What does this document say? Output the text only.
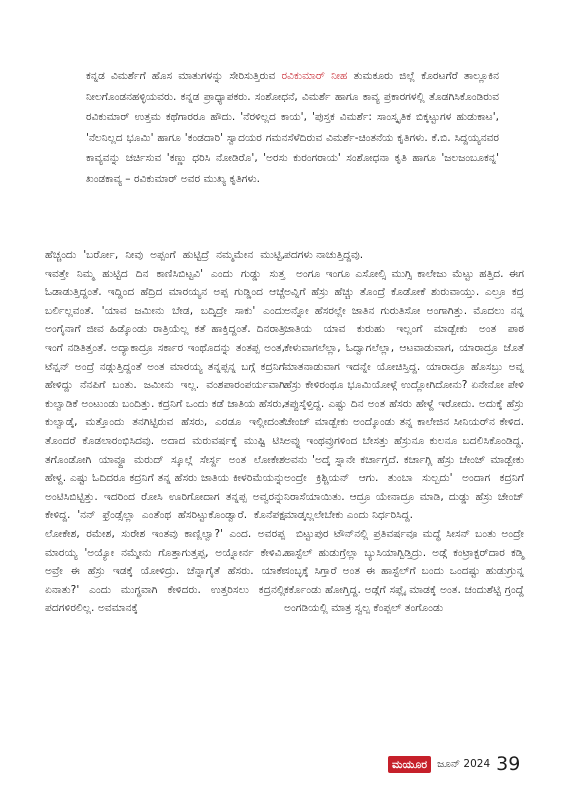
ಕನ್ನಡ ವಿಮರ್ಶೆಗೆ ಹೊಸ ಮಾತುಗಳನ್ನು ಸೇರಿಸುತ್ತಿರುವ ರವಿಕುಮಾರ್ ನೀಹ ತುಮಕೂರು ಜಿಲ್ಲೆ ಕೊರಟಗೆರೆ ತಾಲ್ಲೂಕಿನ ನೀಲಗೊಂಡನಹಳ್ಳಿಯವರು. ಕನ್ನಡ ಪ್ರಾಧ್ಯಾಪಕರು. ಸಂಶೋಧನೆ, ವಿಮರ್ಶೆ ಹಾಗೂ ಕಾವ್ಯ ಪ್ರಕಾರಗಳಲ್ಲಿ ತೊಡಗಿಸಿಕೊಂಡಿರುವ ರವಿಕುಮಾರ್ ಉತ್ತಮ ಕಥೆಗಾರರೂ ಹೌದು. 'ನೆರಳಿಲ್ಲದ ಕಾಯ', 'ಪುಸ್ತಕ ವಿಮರ್ಶೆ: ಸಾಂಸ್ಕೃತಿಕ ಬಿಕ್ಕಟ್ಟುಗಳ ಹುಡುಕಾಟ', 'ನೆಲನಿಲ್ಲದ ಭೂಮಿ' ಹಾಗೂ 'ಕಂಡದಾರಿ' ಸ್ವಾದಯರ ಗಮನಸೆಳೆದಿರುವ ವಿಮರ್ಶೆ-ಚಿಂತನೆಯ ಕೃತಿಗಳು. ಕೆ.ಬಿ. ಸಿದ್ದಯ್ಯನವರ ಕಾವ್ಯವನ್ನು ಚರ್ಚಿಸುವ 'ಕಣ್ಣು ಧರಿಸಿ ನೋಡಿರೊ', 'ಅರಸು ಕುರಂಗರಾಯ' ಸಂಶೋಧನಾ ಕೃತಿ ಹಾಗೂ 'ಜಲಜಂಬೂಕನ್ನ' ಖಂಡಕಾವ್ಯ – ರವಿಕುಮಾರ್ ಅವರ ಮುಖ್ಯ ಕೃತಿಗಳು.

ಹೆಚ್ಚಂದು 'ಬರ್ರೋ, ನೀವು ಅಪ್ಪಂಗೆ ಹುಟ್ಟಿದ್ರೆ ನಮ್ಮಮೇನ ಮುಟ್ಟಿ, ಇವತ್ತೇ ನಿಮ್ಮ ಹುಟ್ಟಿದ ದಿನ ಕಾಣಿಸಿಬಿಟ್ಟವಿ' ಎಂದು ಗುಡ್ಡು ಸುತ್ತ ಓಡಾಡುತ್ತಿದ್ದಂತೆ. ಇದ್ದಿಂದ ಹೆದ್ರಿದ ಮಾರಯ್ಯನ ಅಪ್ಪ ಗುಡ್ಡಿಂದ ಆಚ್ಚೆ ಬರ್ಲಿಲ್ಲವಂತೆ. 'ಯಾವ ಜಮೀನು ಬೇಡ, ಬದ್ಕಿದ್ರೇ ಸಾಕು' ಎಂದು ಅಂಗೈನಾಗೆ ಜೀವ ಹಿಡ್ಕೊಂಡು ರಾತ್ರಿಯೆಲ್ಲ ಕತೆ ಹಾಕ್ತಿದ್ದಂತೆ. ದಿನರಾತ್ರಿ ಇಂಗೆ ನಡಿತಿತ್ತಂತೆ. ಅದ್ಯಾಕಾದ್ರೂ ಸರ್ಕಾರ ಇಂಥೊದನ್ನು ತಂತಪ್ಪ ಅಂತ, ಟೆನ್ಷನ್ ಅಂದ್ರೆ ನಡ್ಗುತ್ತಿದ್ದಂತೆ ಅಂತ ಮಾರಯ್ಯ ತನ್ನಪ್ಪನ್ನ ಬಗ್ಗೆ ಕದ್ರನಿಗೆ ಹೇಳಿದ್ದು ನೆನಪಿಗೆ ಬಂತು. ಜಮೀನು ಇಲ್ಲ. ವಂಶಪಾರಂಪರ್ಯವಾಗಿ ಕುಲ್ವಾಡಿಕೆ ಅಂಟುಂಡು ಬಂದಿತ್ತು. ಕದ್ರನಿಗೆ ಒಂದು ಕಡೆ ಜಾತಿಯ ಹೆಸರು, ಕುಲ್ವಾಡ್ಕೆ, ಮತ್ತೊಂದು ತನಗಿಟ್ಟಿರುವ ಹೆಸರು, ಎರಡೂ ಇಲ್ಲೀದಂತೆ ತೊಂದರೆ ಕೊಡಲಾರಂಭಿಸಿದವು. ಅದಾದ ಮರುವರ್ಷಕ್ಕೆ ಮುಷ್ಟಿ ಟಿಸಿ ತಗೊಂಡೋಗಿ ಯಾವ್ದೂ ಮರುದ್ ಸ್ಕೂಲ್ಗೆ ಸೇರ್ಸ್ದ ಅಂತ ಲೋಕೇಶ ಹೇಳ್ದ. ಎಷ್ಟು ಓದಿದರೂ ಕದ್ರನಿಗೆ ತನ್ನ ಹೆಸರು ಜಾತಿಯ ಕೀಳರಿಮೆಯನ್ನು ಅಂಟಿಸಿಬಿಟ್ಟಿತ್ತು. ಇದರಿಂದ ರೋಸಿ ಊರಿಗೋದಾಗ ತನ್ನಪ್ಪ ಅವ್ವರನ್ನು ಕೇಳಿದ್ದ. 'ನನ್ ಫ್ರೆಂಡ್ಸೆಲ್ಲಾ ಎಂತೆಂಥ ಹೆಸರಿಟ್ಟುಕೊಂಡ್ವಾರೆ. ಕೊನೆಪಕ್ಷ ಲೋಕೇಶ, ರಮೇಶ, ಸುರೇಶ ಇಂತವು ಕಾಣ್ಲಿಲ್ವಾ?' ಎಂದ. ಅವರಪ್ಪ ಮಾರಯ್ಯ 'ಅಯ್ಯೋ ನಮ್ಮೇನು ಗೊತ್ತಾಗುತ್ತಪ್ಪ, ಅಯ್ನೋರ್ನ ಕೇಳಿವಿ. ಅವ್ರೇ ಈ ಹೆಸ್ರು ಇಡಕ್ಕೆ ಯೋಳಿದ್ರು. ಚೆನ್ನಾಗೈತೆ ಹೆಸರು. ಯಾಕೇ ಏನಾತು?' ಎಂದು ಮುಗ್ಧವಾಗಿ ಕೇಳಿದರು. ಉತ್ತರಿಸಲು ಕದ್ರನಲ್ಲಿ ಪದಗಳಿರಲಿಲ್ಲ. ಅವಮಾನಕ್ಕೆ

ಪದಗಳು ನಾಚುತ್ತಿದ್ದವು.

ಅಂಗೂ ಇಂಗೂ ಎಸೋಲ್ಸಿ ಮುಗ್ಸಿ ಕಾಲೇಜು ಮೆಟ್ಟು ಹತ್ತಿದ. ಈಗ ಅವ್ನಿಗೆ ಹೆಸ್ರು ಹೆಚ್ಚು ತೊಂದ್ರೆ ಕೊಡೋಕೆ ಶುರುವಾಯ್ತು. ಎಲ್ರೂ ಕದ್ರ ಅನ್ನೋ ಹೆಸರಲ್ಲೇ ಜಾತಿನ ಗುರುತಿಸೋ ಅಂಗಾಗಿತ್ತು. ಮೊದಲು ನನ್ನ ಜಾತಿಯ ಯಾವ ಕುರುಹು ಇಲ್ಲಂಗೆ ಮಾಡ್ಬೇಕು ಅಂತ ಪಾಠ ಕೇಳುವಾಗಲೆಲ್ಲಾ, ಓದ್ವಾಗಲೆಲ್ಲಾ, ಆಟವಾಡುವಾಗ, ಯಾರಾದ್ರೂ ಜೊತೆ ಮಾತನಾಡುವಾಗ ಇದನ್ನೇ ಯೋಚಿಸ್ತಿದ್ದ. ಯಾರಾದ್ರೂ ಹೊಸಬ್ರು ಅವ್ನ ಹೆಸ್ರು ಕೇಳಿರಂಥೂ ಭೂಮಿಯೋಳ್ಗೆ ಉದ್ಲೋಗಿದೋನು? ಏನೇನೋ ಪೇಳಿ ತಪ್ಪುಸ್ಕೆಳ್ತಿದ್ದ. ಎಷ್ಟು ದಿನ ಅಂತ ಹೆಸರು ಹೇಳ್ದೆ ಇರೋದು. ಅದುಕ್ಕೆ ಹೆಸ್ರು ಚೇಂಜ್ ಮಾಡ್ಬೇಕು ಅಂದ್ಕೊಂಡು ತನ್ನ ಕಾಲೇಜಿನ ಸೀನಿಯರ್‌ನ ಕೇಳಿದ. ಅವ್ನು ಇಂಥವ್ರುಗಳಿಂದ ಬೇಸತ್ತು ಹೆಸ್ರುನೂ ಕುಲನೂ ಬದಲಿಸಿಕೊಂಡಿದ್ದ. ಅವನು 'ಅದ್ಕೆ ಸ್ನಾನೇ ಕರ್ಚಾಗ್ತದೆ. ಕರ್ಚಾಗ್ಲಿ ಹೆಸ್ರು ಚೇಂಜ್ ಮಾಡ್ಬೇಕು ಅಂದ್ರೇ ಕ್ರಿಶ್ಚಿಯನ್ ಆಗು. ತುಂಬಾ ಸುಲ್ಬದು' ಅಂದಾಗ ಕದ್ರನಿಗೆ ನಿರಾಸೆಯಾಯಿತು. ಆದ್ರೂ ಯೇನಾದ್ರೂ ಮಾಡಿ, ದುಡ್ಡು ಹೆಸ್ರು ಚೇಂಜ್ ಮಾಡ್ಕಲ್ಲಲೇಬೇಕು ಎಂದು ನಿರ್ಧರಿಸಿದ್ದ.

ಬಿಟ್ಟುಪುರ ಟೌನ್‌ನಲ್ಲಿ ಪ್ರತಿವರ್ಷವೂ ಮದ್ಧೆ ಸೀಸನ್ ಬಂತು ಅಂದ್ರೇ ಹಾಸ್ಟೆಲ್ ಹುಡುಗ್ರೆಲ್ಲಾ ಬ್ಯುಸಿಯಾಗ್ಬಿಡ್ತಿದ್ರು. ಅಡ್ಗೆ ಕಂಟ್ರಾಕ್ಟರ್‌ದಾರ ಕಡ್ಮಿ ಸಂಬ್ಳಕ್ಕೆ ಸಿಗ್ತಾರೆ ಅಂತ ಈ ಹಾಸ್ಟೆಲ್‌ಗೆ ಬಂದು ಒಂದಷ್ಟು ಹುಡುಗ್ರುನ್ನ ಕರ್ಕೊಂಡು ಹೋಗ್ತಿದ್ದ. ಅಡ್ಗೆಗೆ ಸಪ್ಲೈ ಮಾಡಕ್ಕೆ ಅಂತ. ಚಂದುಶೆಟ್ಟಿ ಗ್ರಂದ್ದೆ ಅಂಗಡಿಯಲ್ಲಿ ಮಾತ್ರ ಸ್ವಲ್ಪ ಕೆಂಪ್ಪಲ್ ತಂಗೊಂಡು

ಮಯೂರ ಜೂನ್ 2024 39
